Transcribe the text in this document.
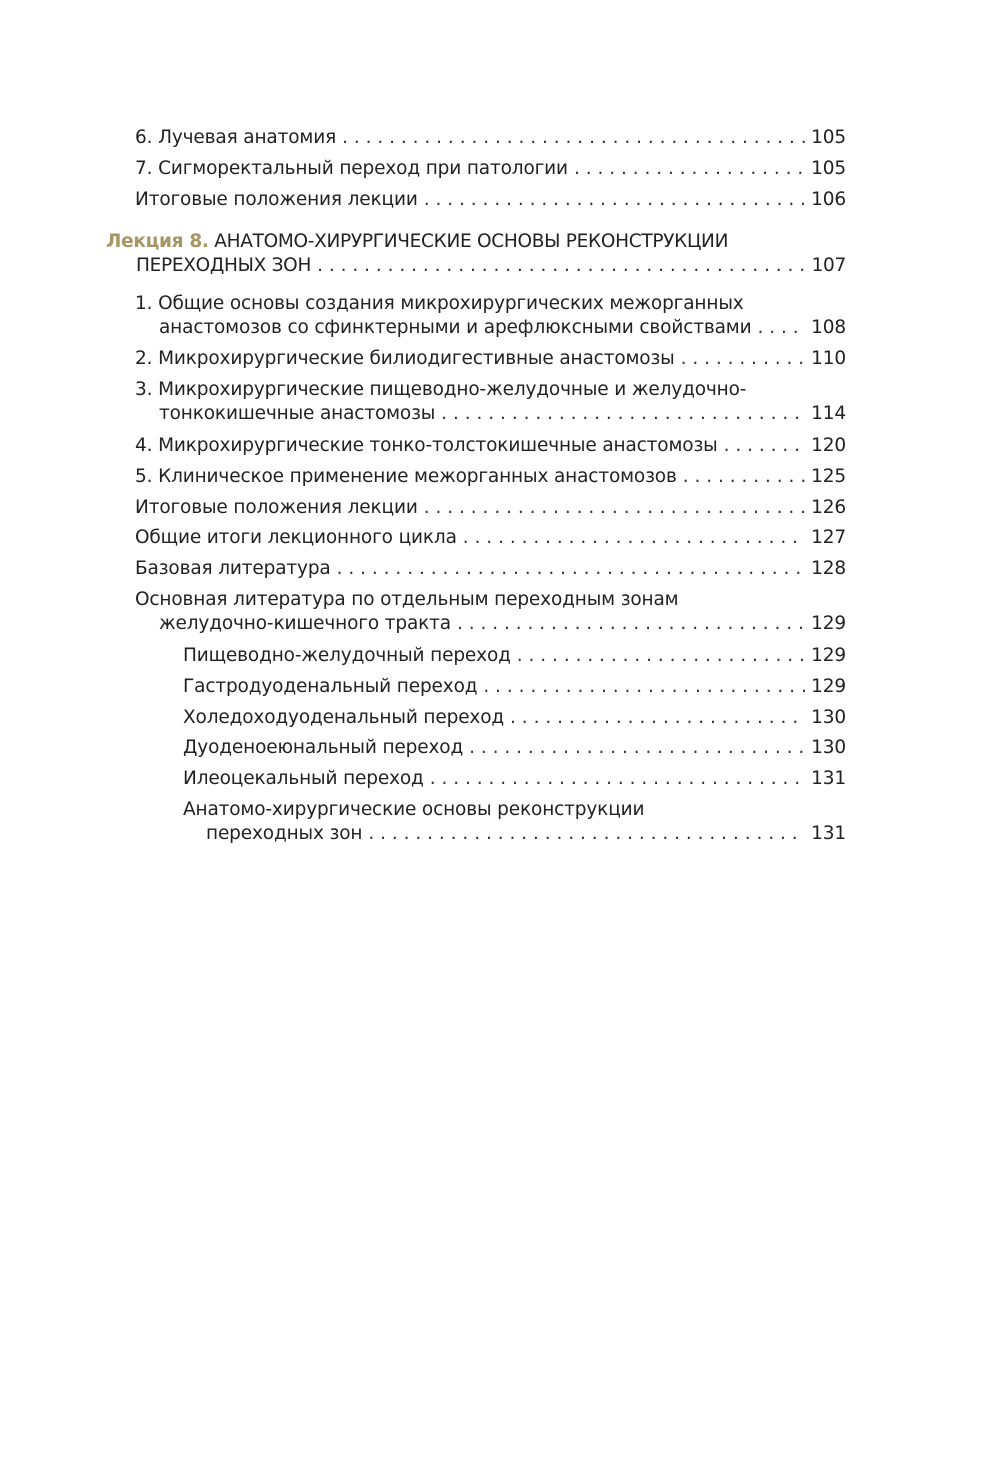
6. Лучевая анатомия . . .	105
7. Сигморектальный переход при патологии . . .	105
Итоговые положения лекции . . .	106
Лекция 8. АНАТОМО-ХИРУРГИЧЕСКИЕ ОСНОВЫ РЕКОНСТРУКЦИИ
ПЕРЕХОДНЫХ ЗОН . . .	107
1. Общие основы создания микрохирургических межорганных
анастомозов со сфинктерными и арефлюксными свойствами . . .	108
2. Микрохирургические билиодигестивные анастомозы . . .	110
3. Микрохирургические пищеводно-желудочные и желудочно-
тонкокишечные анастомозы . . .	114
4. Микрохирургические тонко-толстокишечные анастомозы . . .	120
5. Клиническое применение межорганных анастомозов . . .	125
Итоговые положения лекции . . .	126
Общие итоги лекционного цикла . . .	127
Базовая литература . . .	128
Основная литература по отдельным переходным зонам
желудочно-кишечного тракта . . .	129
Пищеводно-желудочный переход . . .	129
Гастродуоденальный переход . . .	129
Холедоходуоденальный переход . . .	130
Дуоденоеюнальный переход . . .	130
Илеоцекальный переход . . .	131
Анатомо-хирургические основы реконструкции
переходных зон . . .	131
